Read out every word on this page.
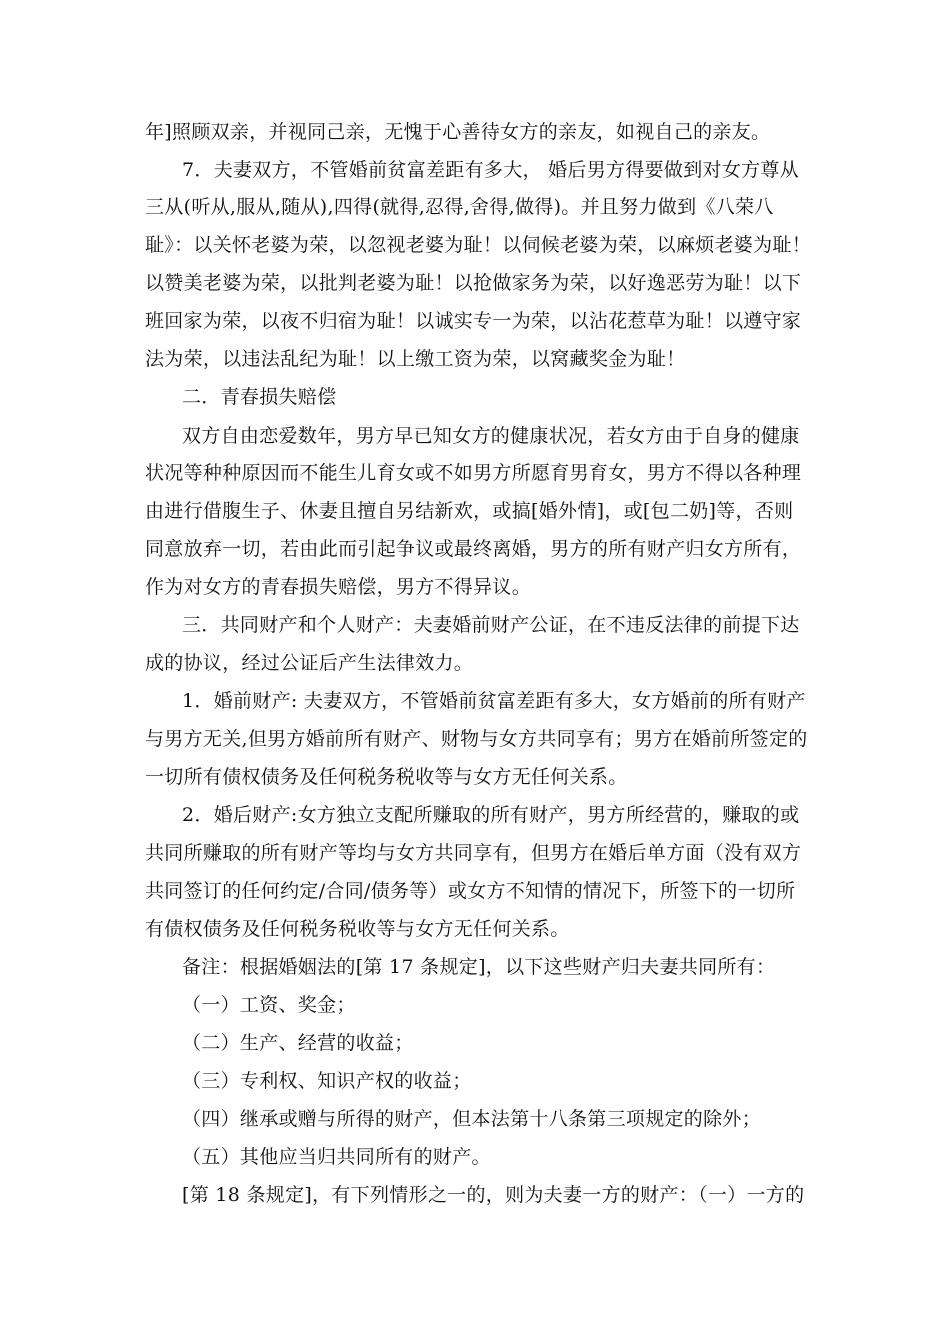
年]照顾双亲，并视同己亲，无愧于心善待女方的亲友，如视自己的亲友。
7．夫妻双方，不管婚前贫富差距有多大， 婚后男方得要做到对女方尊从
三从(听从,服从,随从),四得(就得,忍得,舍得,做得)。并且努力做到《八荣八
耻》：以关怀老婆为荣，以忽视老婆为耻！以伺候老婆为荣，以麻烦老婆为耻！
以赞美老婆为荣，以批判老婆为耻！以抢做家务为荣，以好逸恶劳为耻！以下
班回家为荣，以夜不归宿为耻！以诚实专一为荣，以沾花惹草为耻！以遵守家
法为荣，以违法乱纪为耻！以上缴工资为荣，以窝藏奖金为耻！
二．青春损失赔偿
双方自由恋爱数年，男方早已知女方的健康状况，若女方由于自身的健康
状况等种种原因而不能生儿育女或不如男方所愿育男育女，男方不得以各种理
由进行借腹生子、休妻且擅自另结新欢，或搞[婚外情]，或[包二奶]等，否则
同意放弃一切，若由此而引起争议或最终离婚，男方的所有财产归女方所有，
作为对女方的青春损失赔偿，男方不得异议。
三．共同财产和个人财产：夫妻婚前财产公证，在不违反法律的前提下达
成的协议，经过公证后产生法律效力。
1．婚前财产: 夫妻双方，不管婚前贫富差距有多大，女方婚前的所有财产
与男方无关,但男方婚前所有财产、财物与女方共同享有；男方在婚前所签定的
一切所有债权债务及任何税务税收等与女方无任何关系。
2．婚后财产:女方独立支配所赚取的所有财产，男方所经营的，赚取的或
共同所赚取的所有财产等均与女方共同享有，但男方在婚后单方面（没有双方
共同签订的任何约定/合同/债务等）或女方不知情的情况下，所签下的一切所
有债权债务及任何税务税收等与女方无任何关系。
备注：根据婚姻法的[第 17 条规定]，以下这些财产归夫妻共同所有：
（一）工资、奖金；
（二）生产、经营的收益；
（三）专利权、知识产权的收益；
（四）继承或赠与所得的财产，但本法第十八条第三项规定的除外；
（五）其他应当归共同所有的财产。
[第 18 条规定]，有下列情形之一的，则为夫妻一方的财产：（一）一方的
